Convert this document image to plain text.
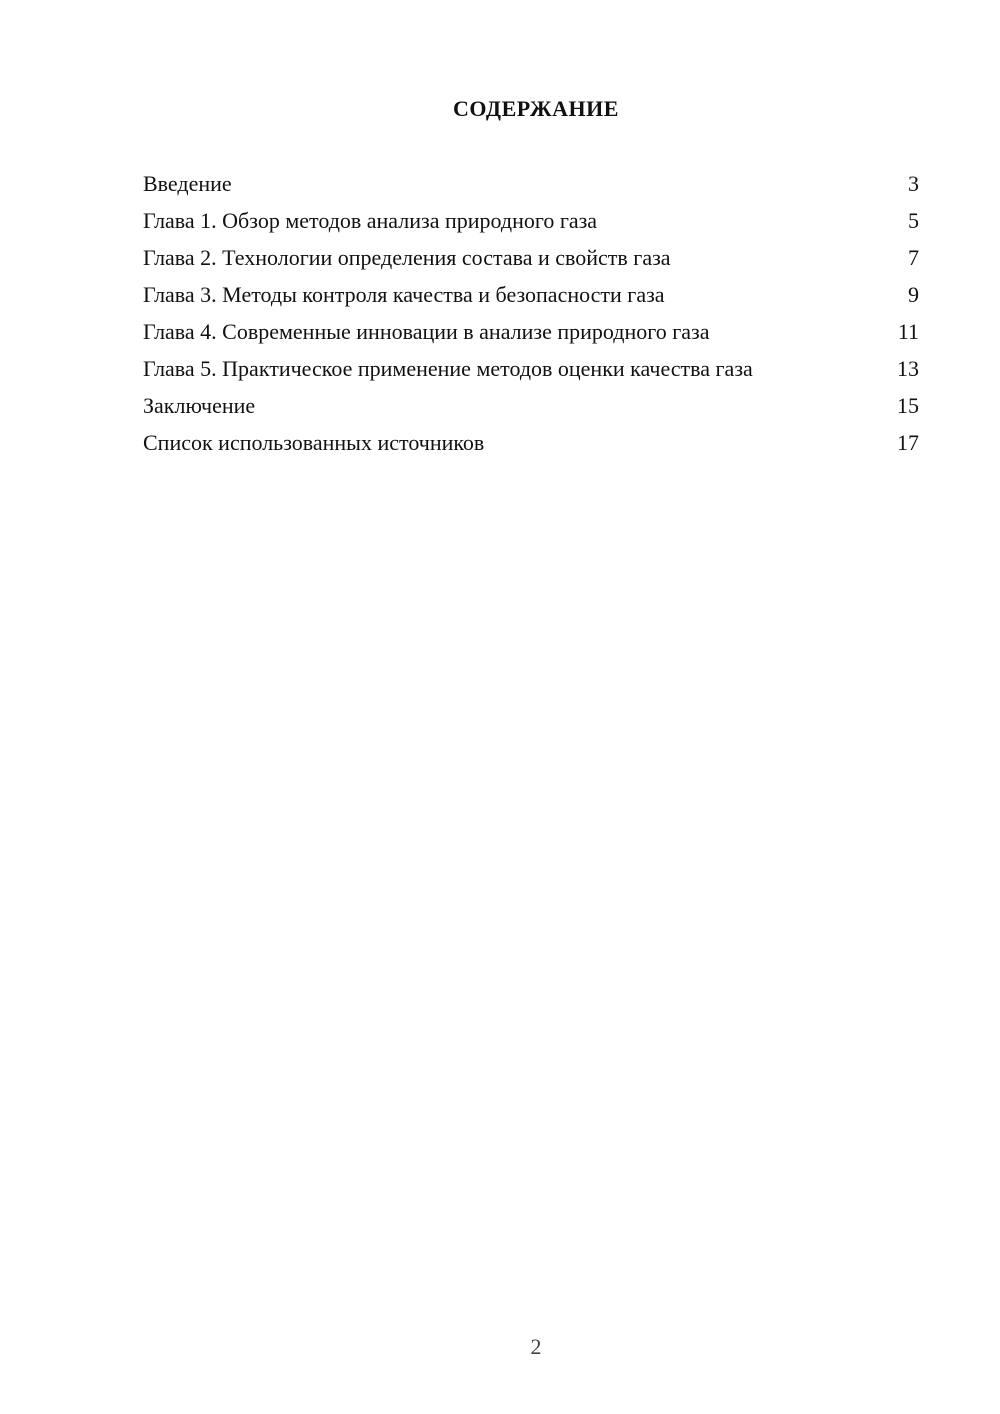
СОДЕРЖАНИЕ
Введение	3
Глава 1. Обзор методов анализа природного газа	5
Глава 2. Технологии определения состава и свойств газа	7
Глава 3. Методы контроля качества и безопасности газа	9
Глава 4. Современные инновации в анализе природного газа	11
Глава 5. Практическое применение методов оценки качества газа	13
Заключение	15
Список использованных источников	17
2
